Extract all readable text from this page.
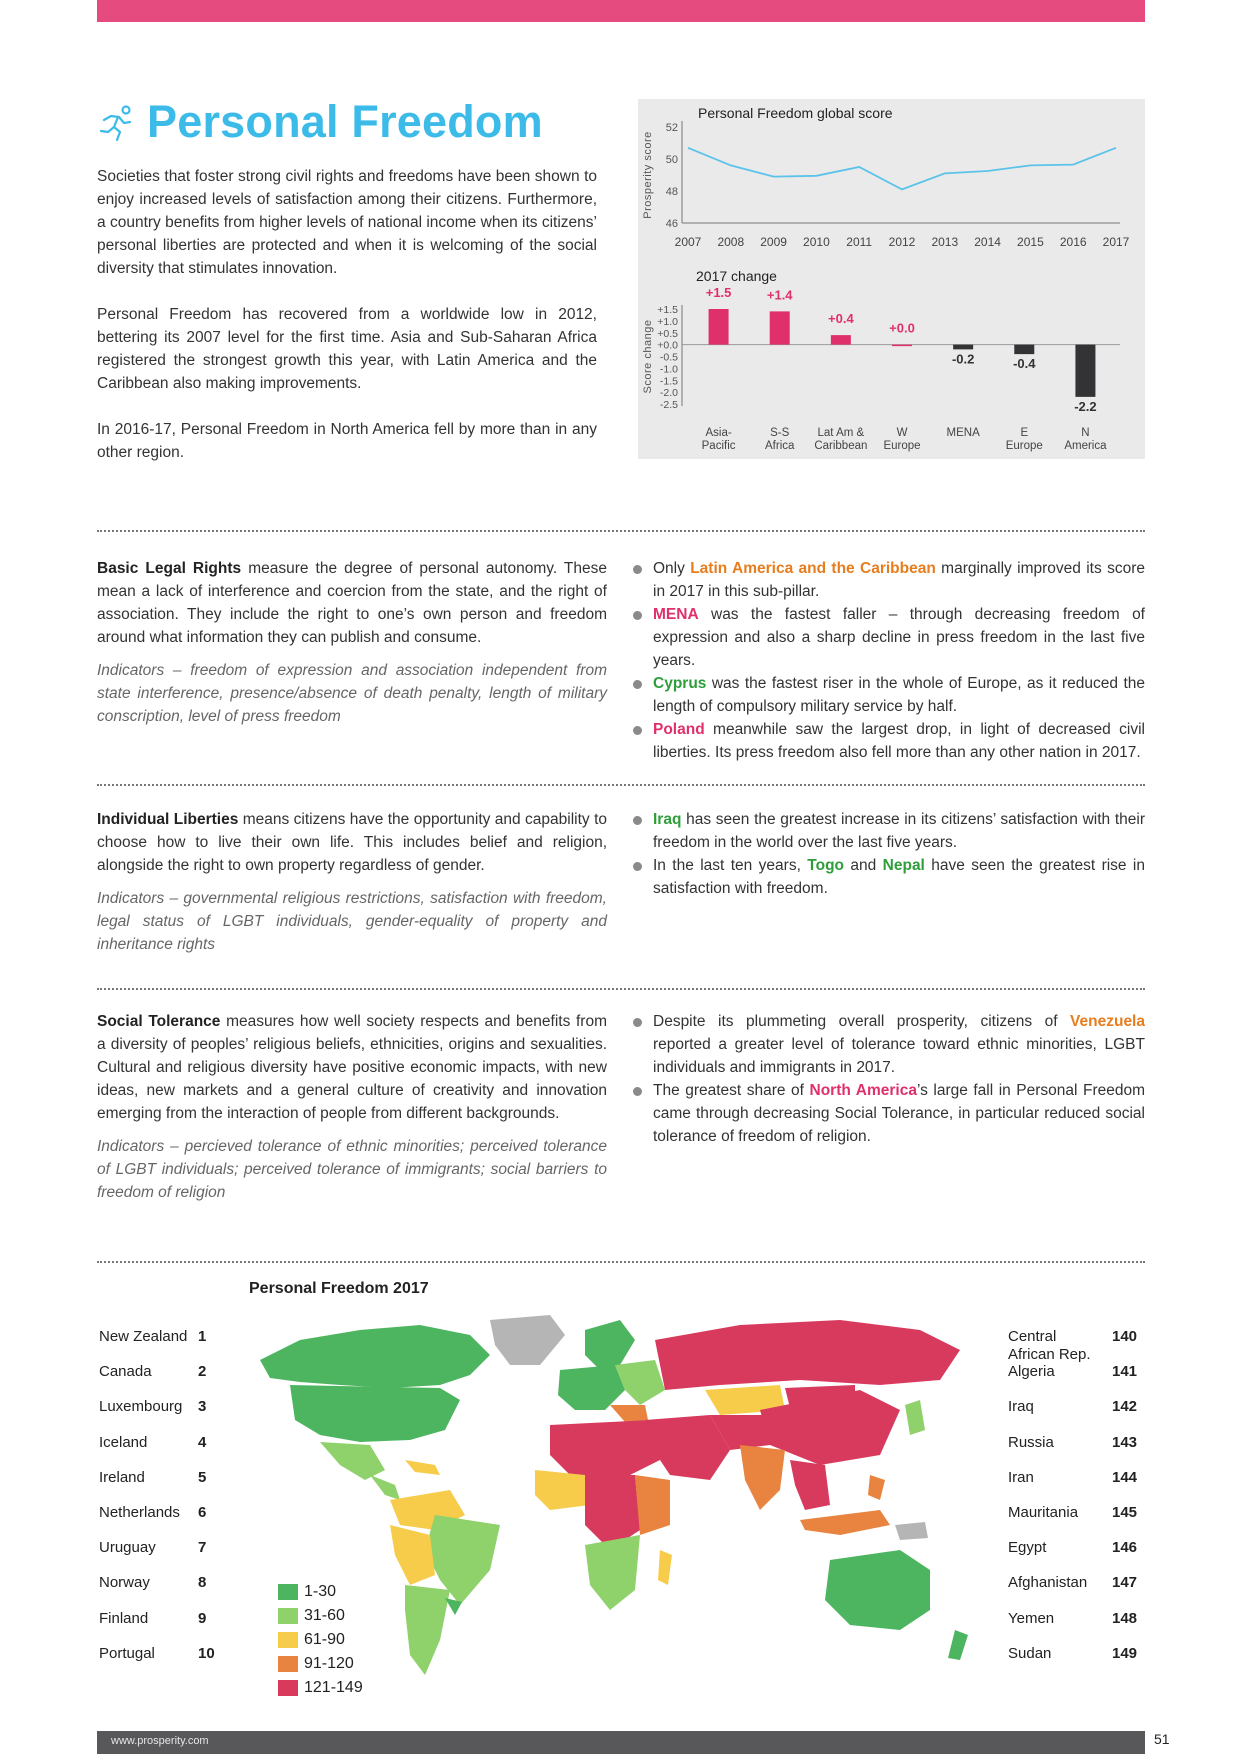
Personal Freedom

Societies that foster strong civil rights and freedoms have been shown to enjoy increased levels of satisfaction among their citizens. Furthermore, a country benefits from higher levels of national income when its citizens’ personal liberties are protected and when it is welcoming of the social diversity that stimulates innovation.

Personal Freedom has recovered from a worldwide low in 2012, bettering its 2007 level for the first time. Asia and Sub-Saharan Africa registered the strongest growth this year, with Latin America and the Caribbean also making improvements.

In 2016-17, Personal Freedom in North America fell by more than in any other region.

Personal Freedom global score
Prosperity score
52
50
48
46
2007 2008 2009 2010 2011 2012 2013 2014 2015 2016 2017
2017 change
Score change
+1.5
+1.0
+0.5
+0.0
-0.5
-1.0
-1.5
-2.0
-2.5
+1.5
Asia-
Pacific
+1.4
S-S
Africa
+0.4
Lat Am &
Caribbean
+0.0
W
Europe
-0.2
MENA
-0.4
E
Europe
-2.2
N
America

Basic Legal Rights measure the degree of personal autonomy. These mean a lack of interference and coercion from the state, and the right of association. They include the right to one’s own person and freedom around what information they can publish and consume.

Indicators – freedom of expression and association independent from state interference, presence/absence of death penalty, length of military conscription, level of press freedom

Only Latin America and the Caribbean marginally improved its score in 2017 in this sub-pillar.
MENA was the fastest faller – through decreasing freedom of expression and also a sharp decline in press freedom in the last five years.
Cyprus was the fastest riser in the whole of Europe, as it reduced the length of compulsory military service by half.
Poland meanwhile saw the largest drop, in light of decreased civil liberties. Its press freedom also fell more than any other nation in 2017.

Individual Liberties means citizens have the opportunity and capability to choose how to live their own life. This includes belief and religion, alongside the right to own property regardless of gender.

Indicators – governmental religious restrictions, satisfaction with freedom, legal status of LGBT individuals, gender-equality of property and inheritance rights

Iraq has seen the greatest increase in its citizens’ satisfaction with their freedom in the world over the last five years.
In the last ten years, Togo and Nepal have seen the greatest rise in satisfaction with freedom.

Social Tolerance measures how well society respects and benefits from a diversity of peoples’ religious beliefs, ethnicities, origins and sexualities. Cultural and religious diversity have positive economic impacts, with new ideas, new markets and a general culture of creativity and innovation emerging from the interaction of people from different backgrounds.

Indicators – percieved tolerance of ethnic minorities; perceived tolerance of LGBT individuals; perceived tolerance of immigrants; social barriers to freedom of religion

Despite its plummeting overall prosperity, citizens of Venezuela reported a greater level of tolerance toward ethnic minorities, LGBT individuals and immigrants in 2017.
The greatest share of North America’s large fall in Personal Freedom came through decreasing Social Tolerance, in particular reduced social tolerance of freedom of religion.
Personal Freedom 2017
New Zealand 1
Canada	2
Luxembourg	3
Iceland	4
Ireland	5
Netherlands	6
Uruguay	7
Norway	8
Finland	9
Portugal	10
Central African Rep.
140
Algeria	141
Iraq	142
Russia	143
Iran	144
Mauritania	145
Egypt	146
Afghanistan	147
Yemen	148
Sudan	149
1-30
31-60
61-90
91-120
121-149
www.prosperity.com	51
